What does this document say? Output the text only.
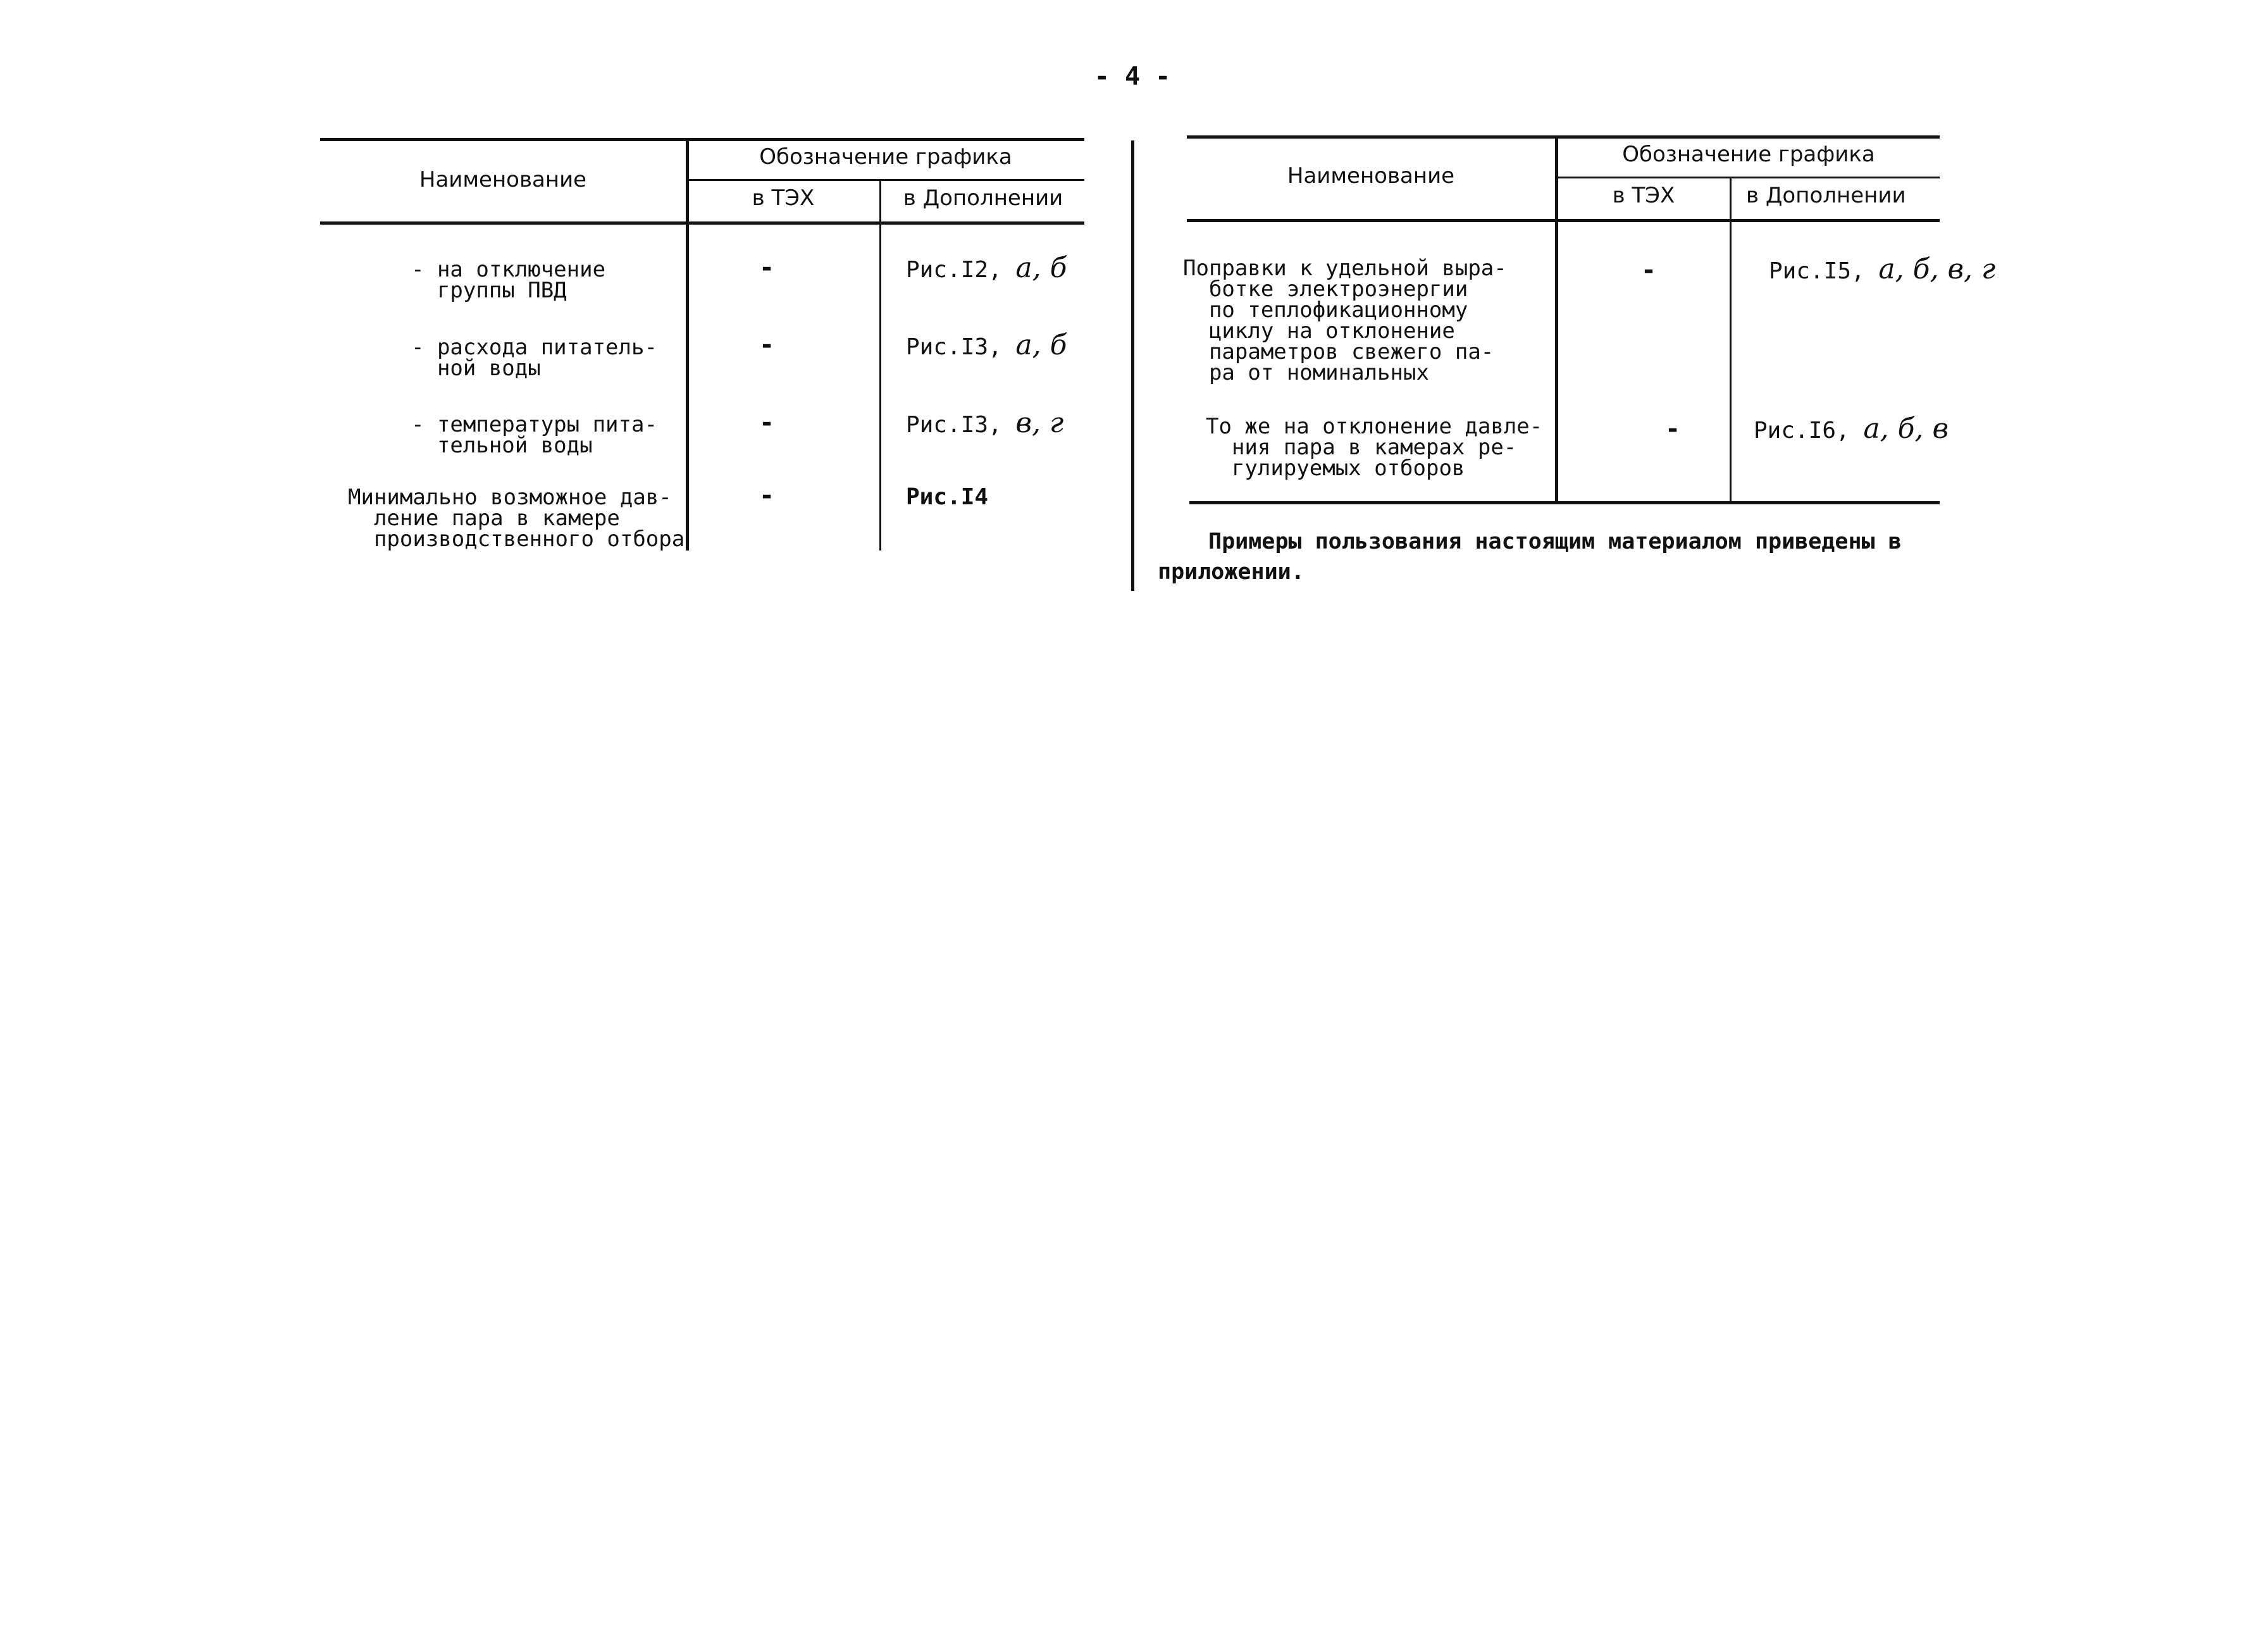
- 4 -
Наименование
Обозначение графика
в ТЭХ	в Дополнении
- на отключение
группы ПВД
-	Рис.I2, а, б
- расхода питатель-
ной воды
-	Рис.I3, а, б
- температуры пита-
тельной воды
-	Рис.I3, в, г
Минимально возможное дав-
ление пара в камере
производственного отбора
-	Рис.I4
Наименование
Обозначение графика
в ТЭХ	в Дополнении
Поправки к удельной выра-
ботке электроэнергии
по теплофикационному
циклу на отклонение
параметров свежего па-
ра от номинальных
-	Рис.I5, а, б, в, г
То же на отклонение давле-
ния пара в камерах ре-
гулируемых отборов
-	Рис.I6, а, б, в
Примеры пользования настоящим материалом приведены в
приложении.
